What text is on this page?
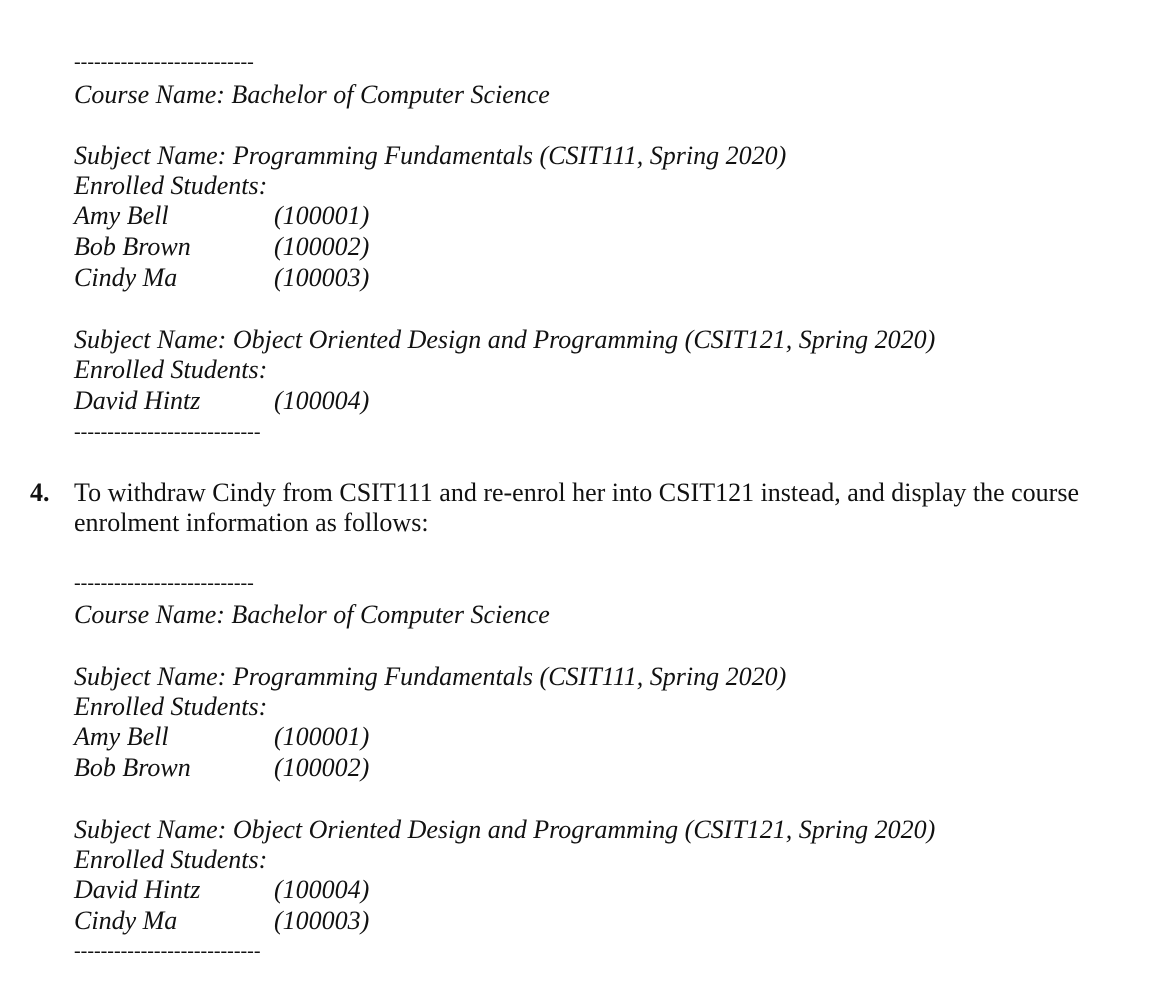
---------------------------
Course Name: Bachelor of Computer Science
Subject Name: Programming Fundamentals (CSIT111, Spring 2020)
Enrolled Students:
Amy Bell	(100001)
Bob Brown	(100002)
Cindy Ma	(100003)
Subject Name: Object Oriented Design and Programming (CSIT121, Spring 2020)
Enrolled Students:
David Hintz	(100004)
----------------------------
4. To withdraw Cindy from CSIT111 and re-enrol her into CSIT121 instead, and display the course enrolment information as follows:
---------------------------
Course Name: Bachelor of Computer Science
Subject Name: Programming Fundamentals (CSIT111, Spring 2020)
Enrolled Students:
Amy Bell	(100001)
Bob Brown	(100002)
Subject Name: Object Oriented Design and Programming (CSIT121, Spring 2020)
Enrolled Students:
David Hintz	(100004)
Cindy Ma	(100003)
----------------------------
